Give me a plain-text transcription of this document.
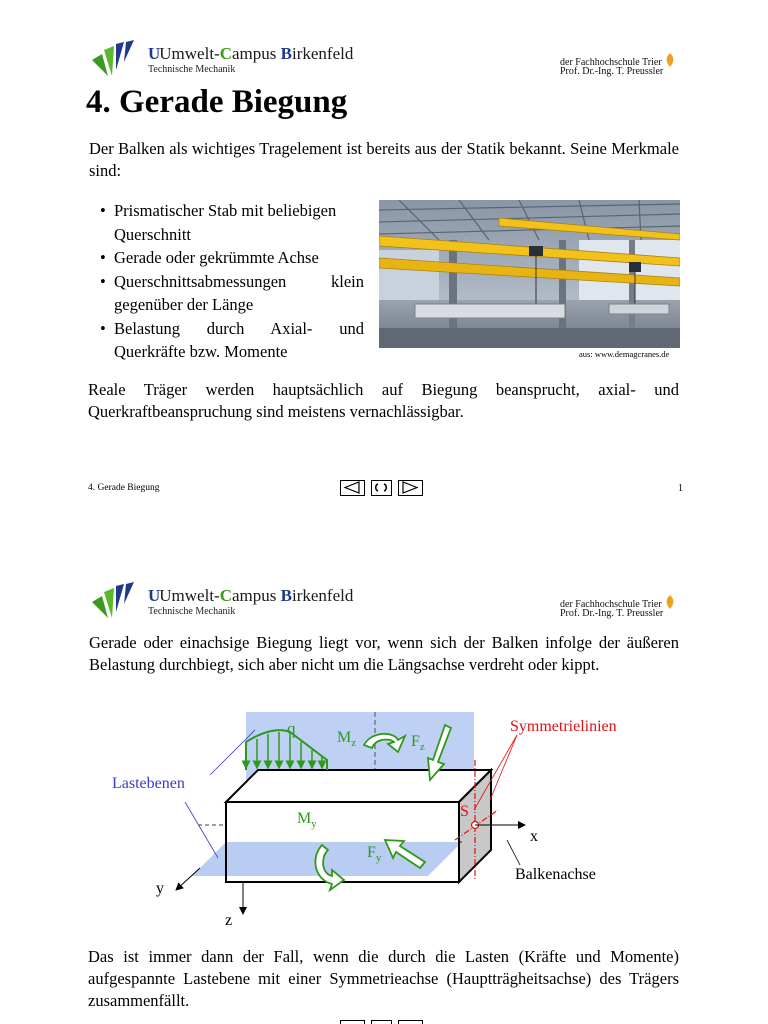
UUmwelt-Campus Birkenfeld
Technische Mechanik
der Fachhochschule Trier
Prof. Dr.-Ing. T. Preussler
4. Gerade Biegung
Der Balken als wichtiges Tragelement ist bereits aus der Statik bekannt. Seine Merkmale sind:
• Prismatischer Stab mit beliebigen
Querschnitt
• Gerade oder gekrümmte Achse
• Querschnittsabmessungen klein
gegenüber der Länge
• Belastung durch Axial- und
Querkräfte bzw. Momente	aus: www.demagcranes.de
Reale Träger werden hauptsächlich auf Biegung beansprucht, axial- und Querkraftbeanspruchung sind meistens vernachlässigbar.
4. Gerade Biegung	1
UUmwelt-Campus Birkenfeld
Technische Mechanik
der Fachhochschule Trier
Prof. Dr.-Ing. T. Preussler
Gerade oder einachsige Biegung liegt vor, wenn sich der Balken infolge der äußeren Belastung durchbiegt, sich aber nicht um die Längsachse verdreht oder kippt.
q	$M_z$	$F_z$
$M_y$
$F_y$
Symmetrielinien
Lastebenen
S
x
y
z
Balkenachse
Das ist immer dann der Fall, wenn die durch die Lasten (Kräfte und Momente) aufgespannte Lastebene mit einer Symmetrieachse (Hauptträgheitsachse) des Trägers zusammenfällt.
